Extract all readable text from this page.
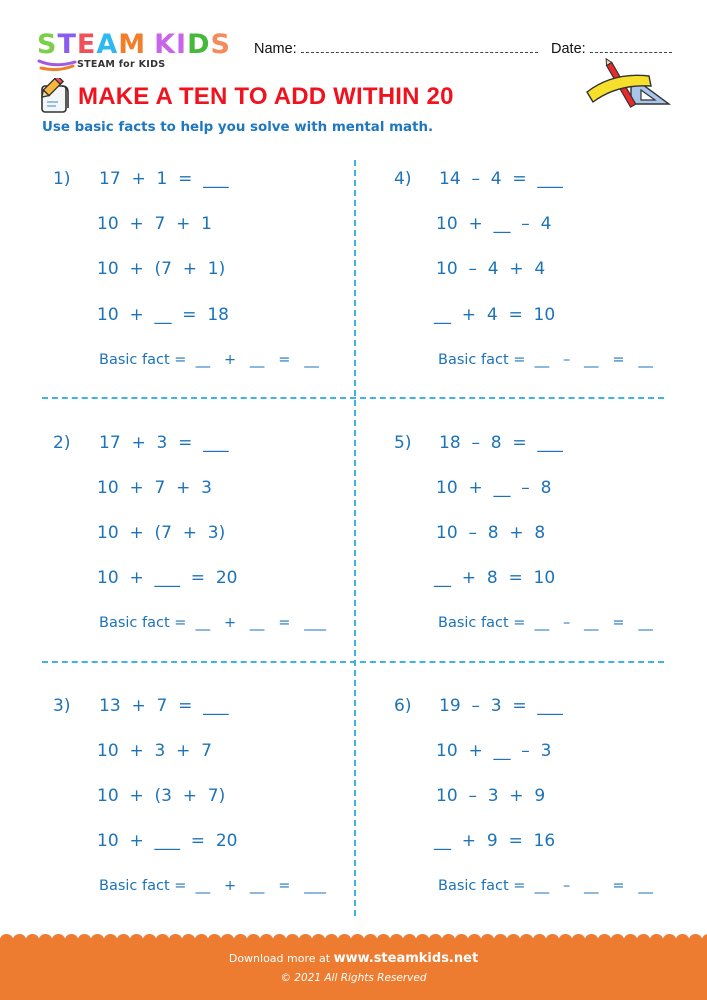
STEAM KIDS
STEAM for KIDS
Name:	Date:
MAKE A TEN TO ADD WITHIN 20
Use basic facts to help you solve with mental math.
1) 17  +  1  =  ___
10  +  7  +  1
10  +  (7  +  1)
10  +  __  =  18
Basic fact =  __   +   __   =   __
2) 17  +  3  =  ___
10  +  7  +  3
10  +  (7  +  3)
10  +  ___  =  20
Basic fact =  __   +   __   =   ___
3) 13  +  7  =  ___
10  +  3  +  7
10  +  (3  +  7)
10  +  ___  =  20
Basic fact =  __   +   __   =   ___
4) 14  –  4  =  ___
10  +  __  –  4
10  –  4  +  4
__  +  4  =  10
Basic fact =  __   –   __   =   __
5) 18  –  8  =  ___
10  +  __  –  8
10  –  8  +  8
__  +  8  =  10
Basic fact =  __   –   __   =   __
6) 19  –  3  =  ___
10  +  __  –  3
10  –  3  +  9
__  +  9  =  16
Basic fact =  __   –   __   =   __
Download more at www.steamkids.net
© 2021 All Rights Reserved
